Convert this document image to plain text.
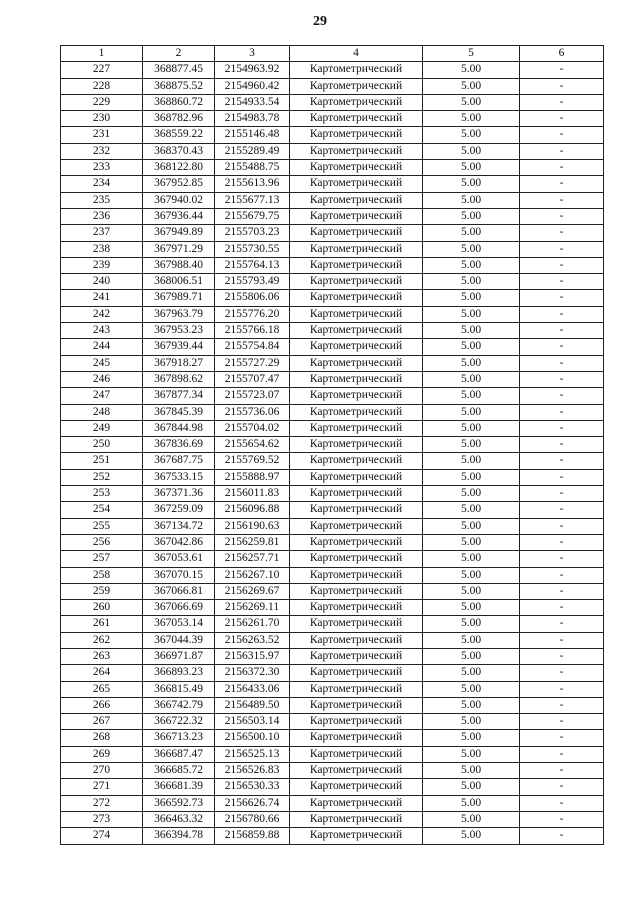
29
1	2	3	4	5	6
227	368877.45	2154963.92	Картометрический	5.00	-
228	368875.52	2154960.42	Картометрический	5.00	-
229	368860.72	2154933.54	Картометрический	5.00	-
230	368782.96	2154983.78	Картометрический	5.00	-
231	368559.22	2155146.48	Картометрический	5.00	-
232	368370.43	2155289.49	Картометрический	5.00	-
233	368122.80	2155488.75	Картометрический	5.00	-
234	367952.85	2155613.96	Картометрический	5.00	-
235	367940.02	2155677.13	Картометрический	5.00	-
236	367936.44	2155679.75	Картометрический	5.00	-
237	367949.89	2155703.23	Картометрический	5.00	-
238	367971.29	2155730.55	Картометрический	5.00	-
239	367988.40	2155764.13	Картометрический	5.00	-
240	368006.51	2155793.49	Картометрический	5.00	-
241	367989.71	2155806.06	Картометрический	5.00	-
242	367963.79	2155776.20	Картометрический	5.00	-
243	367953.23	2155766.18	Картометрический	5.00	-
244	367939.44	2155754.84	Картометрический	5.00	-
245	367918.27	2155727.29	Картометрический	5.00	-
246	367898.62	2155707.47	Картометрический	5.00	-
247	367877.34	2155723.07	Картометрический	5.00	-
248	367845.39	2155736.06	Картометрический	5.00	-
249	367844.98	2155704.02	Картометрический	5.00	-
250	367836.69	2155654.62	Картометрический	5.00	-
251	367687.75	2155769.52	Картометрический	5.00	-
252	367533.15	2155888.97	Картометрический	5.00	-
253	367371.36	2156011.83	Картометрический	5.00	-
254	367259.09	2156096.88	Картометрический	5.00	-
255	367134.72	2156190.63	Картометрический	5.00	-
256	367042.86	2156259.81	Картометрический	5.00	-
257	367053.61	2156257.71	Картометрический	5.00	-
258	367070.15	2156267.10	Картометрический	5.00	-
259	367066.81	2156269.67	Картометрический	5.00	-
260	367066.69	2156269.11	Картометрический	5.00	-
261	367053.14	2156261.70	Картометрический	5.00	-
262	367044.39	2156263.52	Картометрический	5.00	-
263	366971.87	2156315.97	Картометрический	5.00	-
264	366893.23	2156372.30	Картометрический	5.00	-
265	366815.49	2156433.06	Картометрический	5.00	-
266	366742.79	2156489.50	Картометрический	5.00	-
267	366722.32	2156503.14	Картометрический	5.00	-
268	366713.23	2156500.10	Картометрический	5.00	-
269	366687.47	2156525.13	Картометрический	5.00	-
270	366685.72	2156526.83	Картометрический	5.00	-
271	366681.39	2156530.33	Картометрический	5.00	-
272	366592.73	2156626.74	Картометрический	5.00	-
273	366463.32	2156780.66	Картометрический	5.00	-
274	366394.78	2156859.88	Картометрический	5.00	-
